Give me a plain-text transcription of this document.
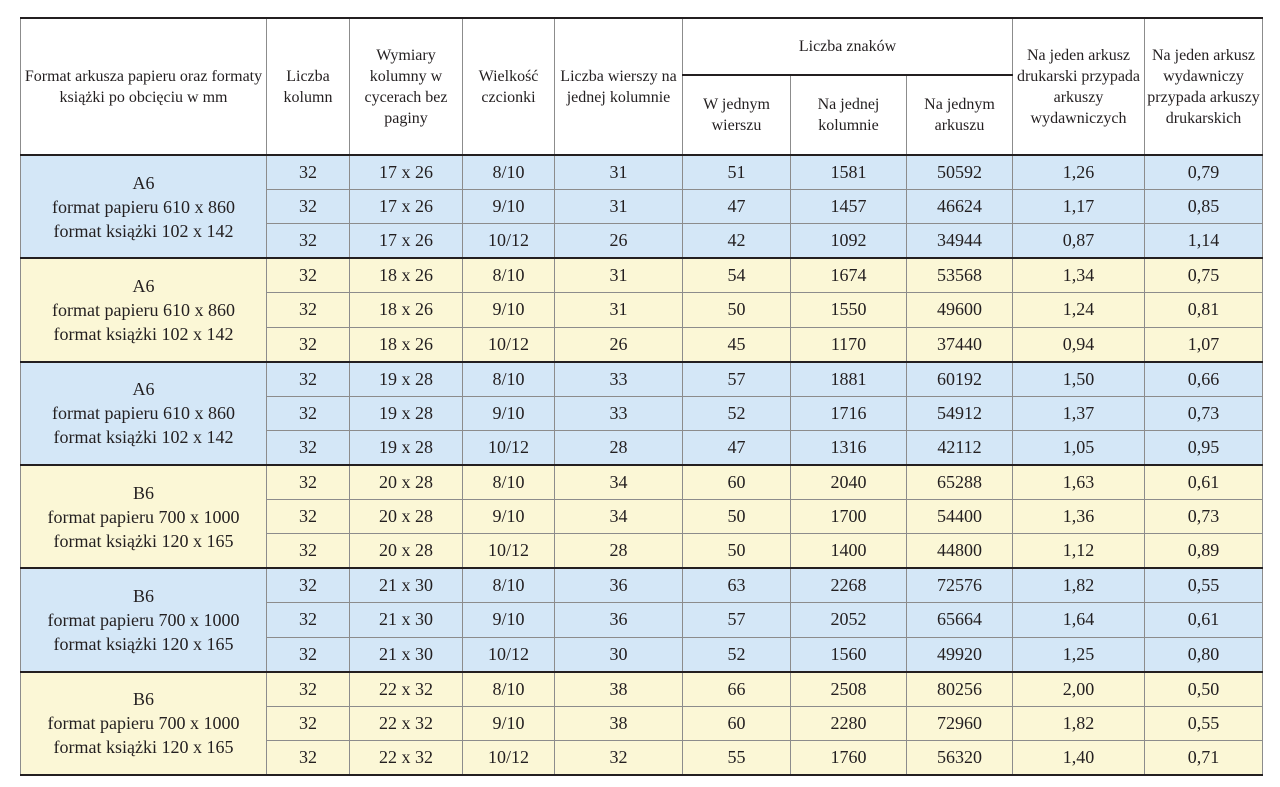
Format arkusza papieru oraz formaty książki po obcięciu w mm	Liczba kolumn	Wymiary kolumny w cycerach bez paginy	Wielkość czcionki	Liczba wierszy na jednej kolumnie	Liczba znaków			Na jeden arkusz drukarski przypada arkuszy wydawniczych	Na jeden arkusz wydawniczy przypada arkuszy drukarskich
					W jednym wierszu	Na jednej kolumnie	Na jednym arkuszu		

A6
format papieru 610 x 860
format książki 102 x 142	32	17 x 26	8/10	31	51	1581	50592	1,26	0,79
	32	17 x 26	9/10	31	47	1457	46624	1,17	0,85
	32	17 x 26	10/12	26	42	1092	34944	0,87	1,14

A6
format papieru 610 x 860
format książki 102 x 142	32	18 x 26	8/10	31	54	1674	53568	1,34	0,75
	32	18 x 26	9/10	31	50	1550	49600	1,24	0,81
	32	18 x 26	10/12	26	45	1170	37440	0,94	1,07

A6
format papieru 610 x 860
format książki 102 x 142	32	19 x 28	8/10	33	57	1881	60192	1,50	0,66
	32	19 x 28	9/10	33	52	1716	54912	1,37	0,73
	32	19 x 28	10/12	28	47	1316	42112	1,05	0,95

B6
format papieru 700 x 1000
format książki 120 x 165	32	20 x 28	8/10	34	60	2040	65288	1,63	0,61
	32	20 x 28	9/10	34	50	1700	54400	1,36	0,73
	32	20 x 28	10/12	28	50	1400	44800	1,12	0,89

B6
format papieru 700 x 1000
format książki 120 x 165	32	21 x 30	8/10	36	63	2268	72576	1,82	0,55
	32	21 x 30	9/10	36	57	2052	65664	1,64	0,61
	32	21 x 30	10/12	30	52	1560	49920	1,25	0,80

B6
format papieru 700 x 1000
format książki 120 x 165	32	22 x 32	8/10	38	66	2508	80256	2,00	0,50
	32	22 x 32	9/10	38	60	2280	72960	1,82	0,55
	32	22 x 32	10/12	32	55	1760	56320	1,40	0,71
